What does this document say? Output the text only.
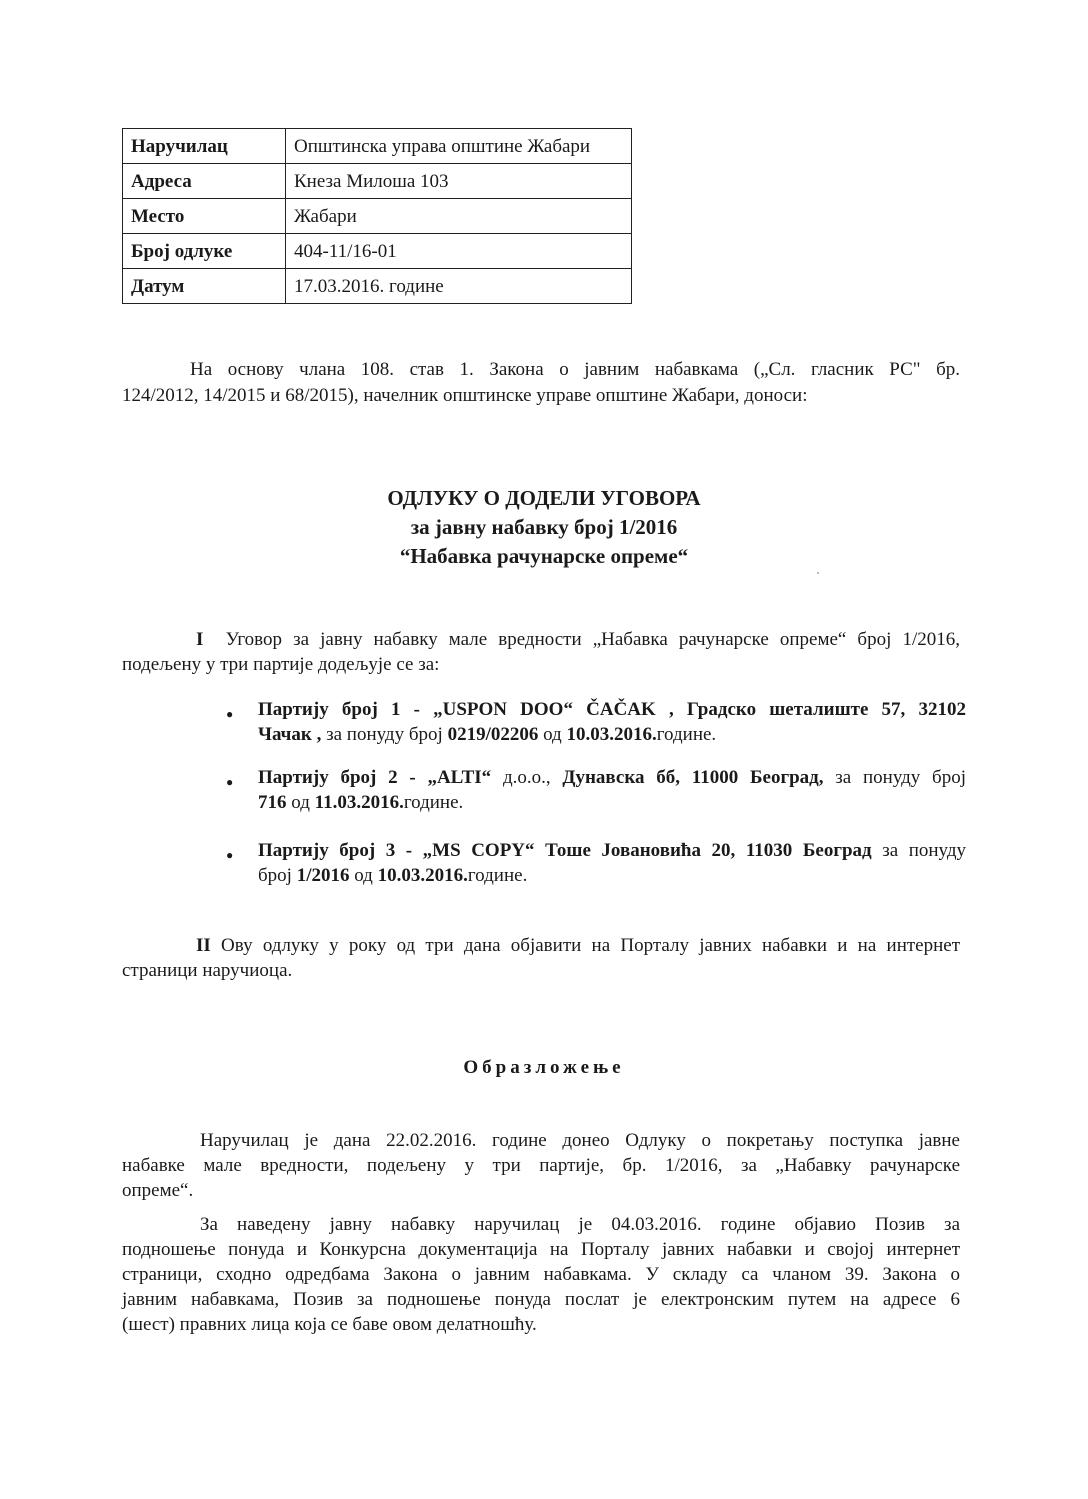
Наручилац	Општинска управа општине Жабари
Адреса	Кнеза Милоша 103
Место	Жабари
Број одлуке	404-11/16-01
Датум	17.03.2016. године
На основу члана 108. став 1. Закона о јавним набавкама („Сл. гласник РС" бр.
124/2012, 14/2015 и 68/2015), начелник општинске управе општине Жабари, доноси:
ОДЛУКУ О ДОДЕЛИ УГОВОРА
за јавну набавку број 1/2016
“Набавка рачунарске опреме“
I Уговор за јавну набавку мале вредности „Набавка рачунарске опреме“ број 1/2016,
подељену у три партије додељује се за:
● Партију број 1 - „USPON DOO“ ČAČAK , Градско шеталиште 57, 32102
Чачак , за понуду број 0219/02206 од 10.03.2016.године.
● Партију број 2 - „ALTI“ д.о.о., Дунавска бб, 11000 Београд, за понуду број
716 од 11.03.2016.године.
● Партију број 3 - „MS COPY“ Тоше Јовановића 20, 11030 Београд за понуду
број 1/2016 од 10.03.2016.године.
II Ову одлуку у року од три дана објавити на Порталу јавних набавки и на интернет
страници наручиоца.
Образложење
Наручилац је дана 22.02.2016. године донео Одлуку о покретању поступка јавне
набавке мале вредности, подељену у три партије, бр. 1/2016, за „Набавку рачунарске
опреме“.
За наведену јавну набавку наручилац је 04.03.2016. године објавио Позив за
подношење понуда и Конкурсна документација на Порталу јавних набавки и својој интернет
страници, сходно одредбама Закона о јавним набавкама. У складу са чланом 39. Закона о
јавним набавкама, Позив за подношење понуда послат је електронским путем на адресе 6
(шест) правних лица која се баве овом делатношћу.
